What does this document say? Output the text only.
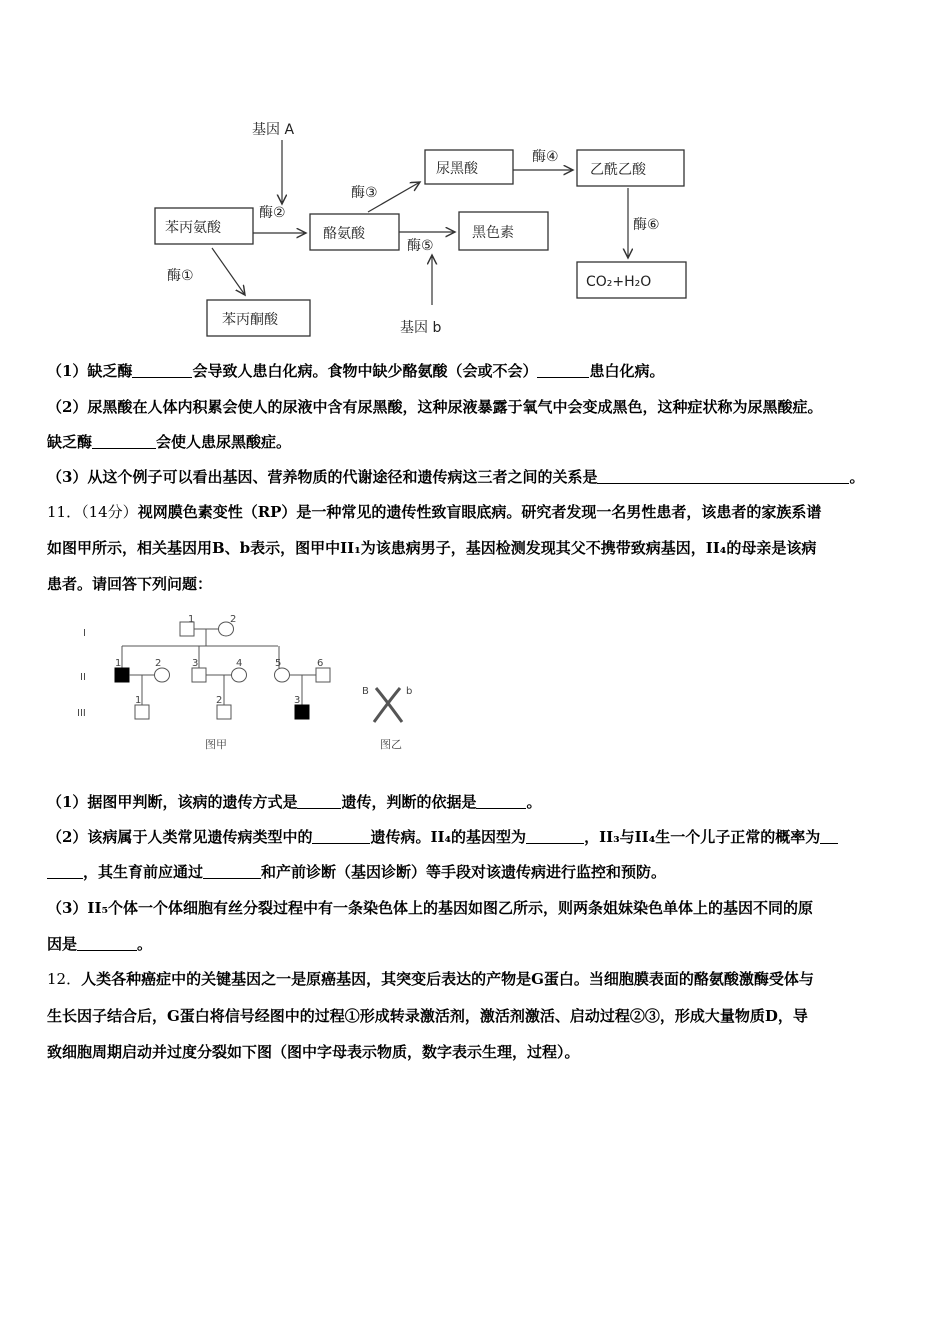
基因 A
酶②
酶①
酶③
酶④
酶⑤
酶⑥
基因 b
苯丙氨酸	酪氨酸
苯丙酮酸
尿黑酸	乙酰乙酸
黑色素
CO₂+H₂O
（1）缺乏酶	会导致人患白化病。食物中缺少酪氨酸（会或不会）	患白化病。
（2）尿黑酸在人体内积累会使人的尿液中含有尿黑酸，这种尿液暴露于氧气中会变成黑色，这种症状称为尿黑酸症。
缺乏酶	会使人患尿黑酸症。
（3）从这个例子可以看出基因、营养物质的代谢途径和遗传病这三者之间的关系是	。
11．（14分）视网膜色素变性（RP）是一种常见的遗传性致盲眼底病。研究者发现一名男性患者，该患者的家族系谱
如图甲所示，相关基因用B、b表示，图甲中II₁为该患病男子，基因检测发现其父不携带致病基因，II₄的母亲是该病
患者。请回答下列问题：
I
II
III
1	2
1	2	3	4	5	6
1	2	3
B	b
图甲	图乙
（1）据图甲判断，该病的遗传方式是	遗传，判断的依据是	。
（2）该病属于人类常见遗传病类型中的	遗传病。II₄的基因型为	，II₃与II₄生一个儿子正常的概率为
，其生育前应通过	和产前诊断（基因诊断）等手段对该遗传病进行监控和预防。
（3）II₅个体一个体细胞有丝分裂过程中有一条染色体上的基因如图乙所示，则两条姐妹染色单体上的基因不同的原
因是	。
12．人类各种癌症中的关键基因之一是原癌基因，其突变后表达的产物是G蛋白。当细胞膜表面的酪氨酸激酶受体与
生长因子结合后，G蛋白将信号经图中的过程①形成转录激活剂，激活剂激活、启动过程②③，形成大量物质D，导
致细胞周期启动并过度分裂如下图（图中字母表示物质，数字表示生理，过程）。
